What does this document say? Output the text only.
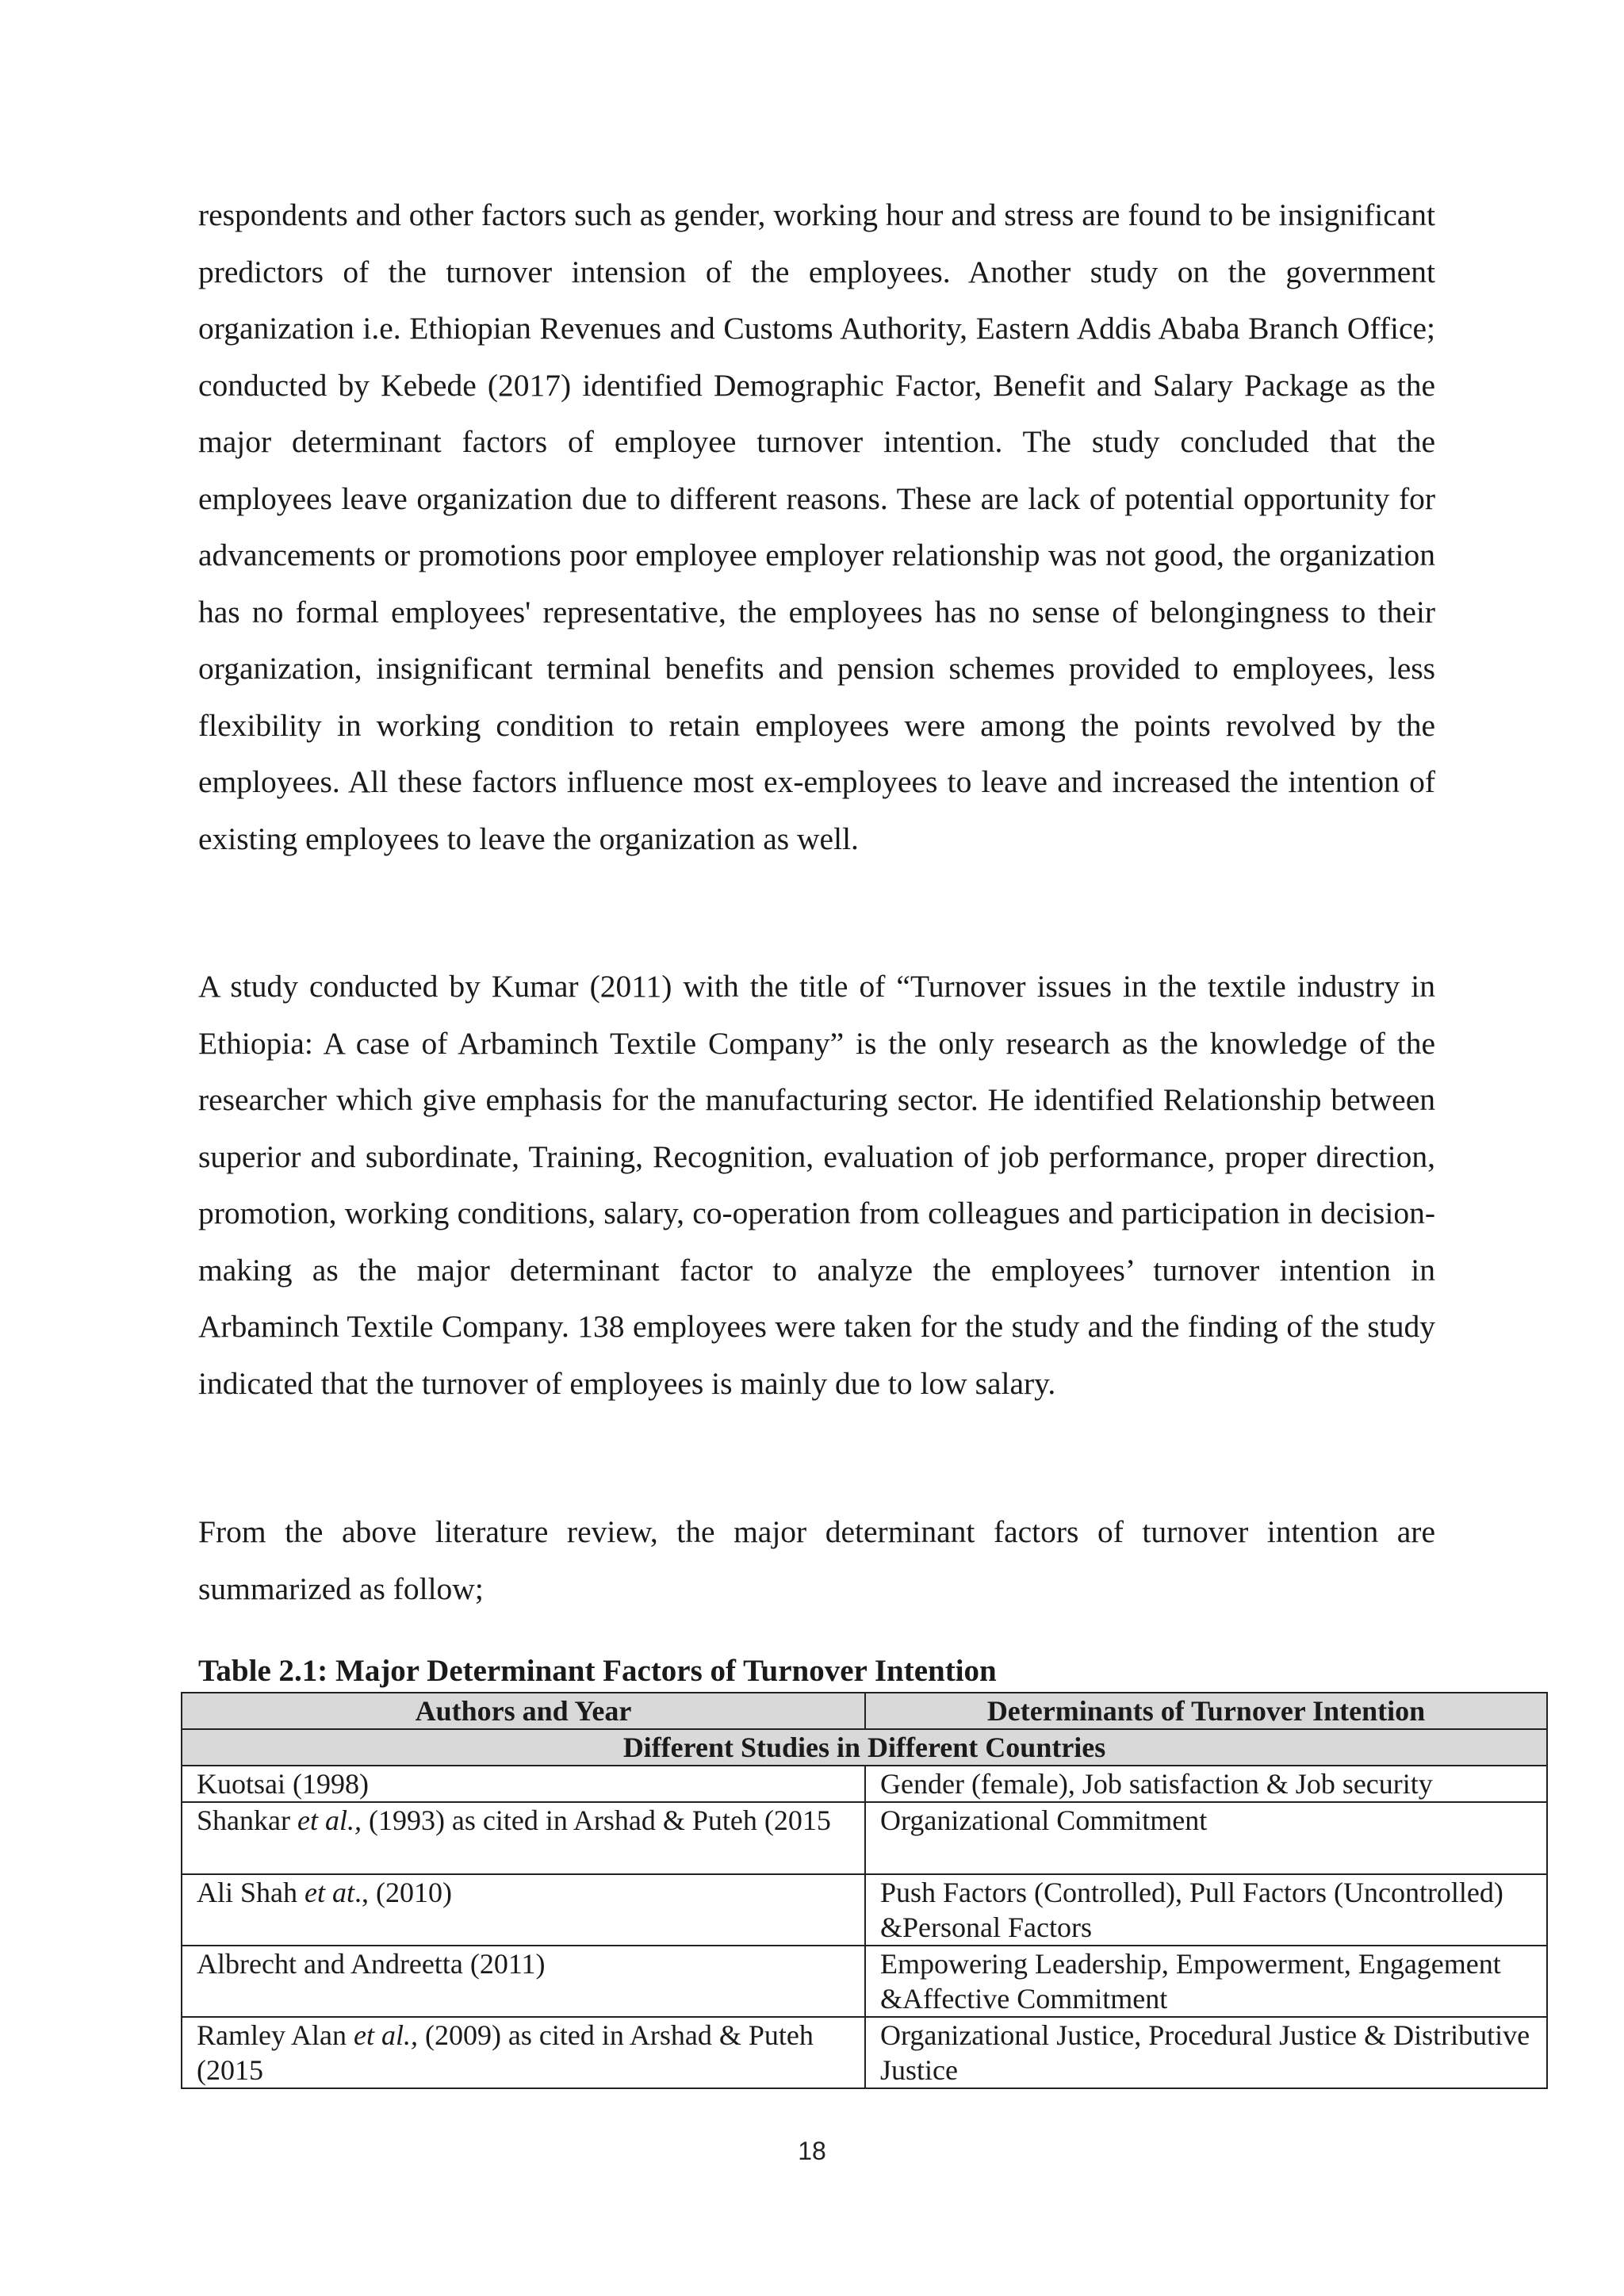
respondents and other factors such as gender, working hour and stress are found to be insignificant predictors of the turnover intension of the employees. Another study on the government organization i.e. Ethiopian Revenues and Customs Authority, Eastern Addis Ababa Branch Office; conducted by Kebede (2017) identified Demographic Factor, Benefit and Salary Package as the major determinant factors of employee turnover intention. The study concluded that the employees leave organization due to different reasons. These are lack of potential opportunity for advancements or promotions poor employee employer relationship was not good, the organization has no formal employees' representative, the employees has no sense of belongingness to their organization, insignificant terminal benefits and pension schemes provided to employees, less flexibility in working condition to retain employees were among the points revolved by the employees. All these factors influence most ex-employees to leave and increased the intention of existing employees to leave the organization as well.

A study conducted by Kumar (2011) with the title of “Turnover issues in the textile industry in Ethiopia: A case of Arbaminch Textile Company” is the only research as the knowledge of the researcher which give emphasis for the manufacturing sector. He identified Relationship between superior and subordinate, Training, Recognition, evaluation of job performance, proper direction, promotion, working conditions, salary, co-operation from colleagues and participation in decision-making as the major determinant factor to analyze the employees’ turnover intention in Arbaminch Textile Company. 138 employees were taken for the study and the finding of the study indicated that the turnover of employees is mainly due to low salary.

From the above literature review, the major determinant factors of turnover intention are summarized as follow;

Table 2.1: Major Determinant Factors of Turnover Intention

Authors and Year	Determinants of Turnover Intention
Different Studies in Different Countries	
Kuotsai (1998)	Gender (female), Job satisfaction & Job security
Shankar et al., (1993) as cited in Arshad & Puteh (2015	Organizational Commitment
Ali Shah et at., (2010)	Push Factors (Controlled), Pull Factors (Uncontrolled) &Personal Factors
Albrecht and Andreetta (2011)	Empowering Leadership, Empowerment, Engagement &Affective Commitment
Ramley Alan et al., (2009) as cited in Arshad & Puteh (2015	Organizational Justice, Procedural Justice & Distributive Justice
18
